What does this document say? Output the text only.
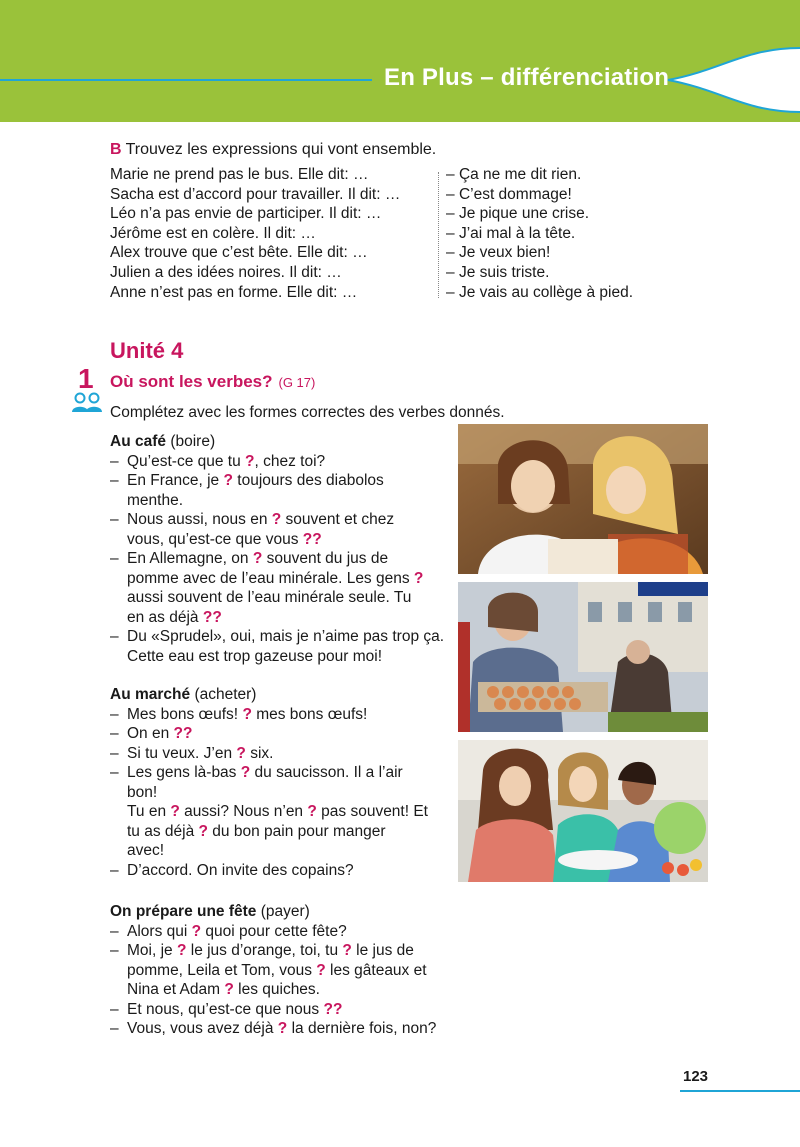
En Plus – différenciation
B Trouvez les expressions qui vont ensemble.
Marie ne prend pas le bus. Elle dit: …
Sacha est d’accord pour travailler. Il dit: …
Léo n’a pas envie de participer. Il dit: …
Jérôme est en colère. Il dit: …
Alex trouve que c’est bête. Elle dit: …
Julien a des idées noires. Il dit: …
Anne n’est pas en forme. Elle dit: …
– Ça ne me dit rien.
– C’est dommage!
– Je pique une crise.
– J’ai mal à la tête.
– Je veux bien!
– Je suis triste.
– Je vais au collège à pied.
Unité 4
1 Où sont les verbes? (G 17)
Complétez avec les formes correctes des verbes donnés.
Au café (boire)
– Qu’est-ce que tu ?, chez toi?
– En France, je ? toujours des diabolos
menthe.
– Nous aussi, nous en ? souvent et chez
vous, qu’est-ce que vous ??
– En Allemagne, on ? souvent du jus de
pomme avec de l’eau minérale. Les gens ?
aussi souvent de l’eau minérale seule. Tu
en as déjà ??
– Du «Sprudel», oui, mais je n’aime pas trop ça.
Cette eau est trop gazeuse pour moi!
Au marché (acheter)
– Mes bons œufs! ? mes bons œufs!
– On en ??
– Si tu veux. J’en ? six.
– Les gens là-bas ? du saucisson. Il a l’air
bon!
Tu en ? aussi? Nous n’en ? pas souvent! Et
tu as déjà ? du bon pain pour manger
avec!
– D’accord. On invite des copains?
On prépare une fête (payer)
– Alors qui ? quoi pour cette fête?
– Moi, je ? le jus d’orange, toi, tu ? le jus de
pomme, Leila et Tom, vous ? les gâteaux et
Nina et Adam ? les quiches.
– Et nous, qu’est-ce que nous ??
– Vous, vous avez déjà ? la dernière fois, non?
123
